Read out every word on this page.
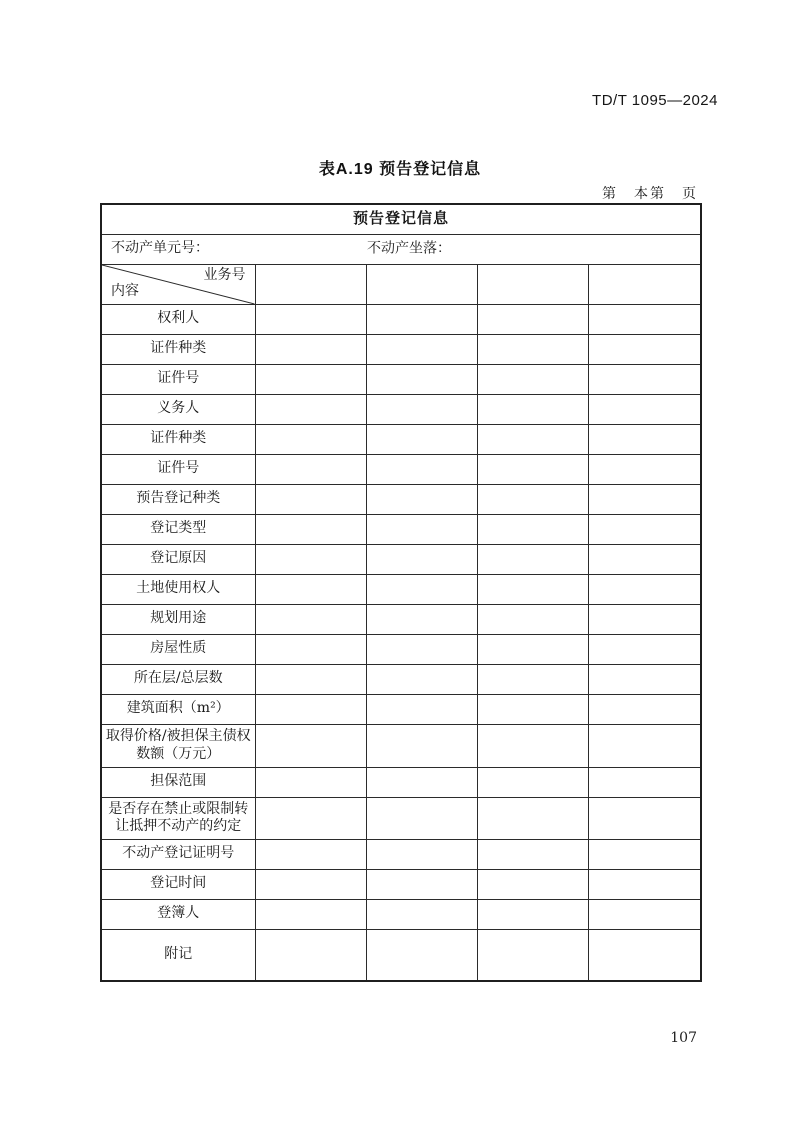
TD/T 1095—2024
表A.19 预告登记信息
第　本第　页
预告登记信息				
不动产单元号： 不动产坐落：				

业务号
内容				

权利人				
证件种类				
证件号				
义务人				
证件种类				
证件号				
预告登记种类				
登记类型				
登记原因				
土地使用权人				
规划用途				
房屋性质				
所在层/总层数				
建筑面积（m²）				
取得价格/被担保主债权数额（万元）				
担保范围				
是否存在禁止或限制转让抵押不动产的约定				
不动产登记证明号				
登记时间				
登簿人				
附记				
107
